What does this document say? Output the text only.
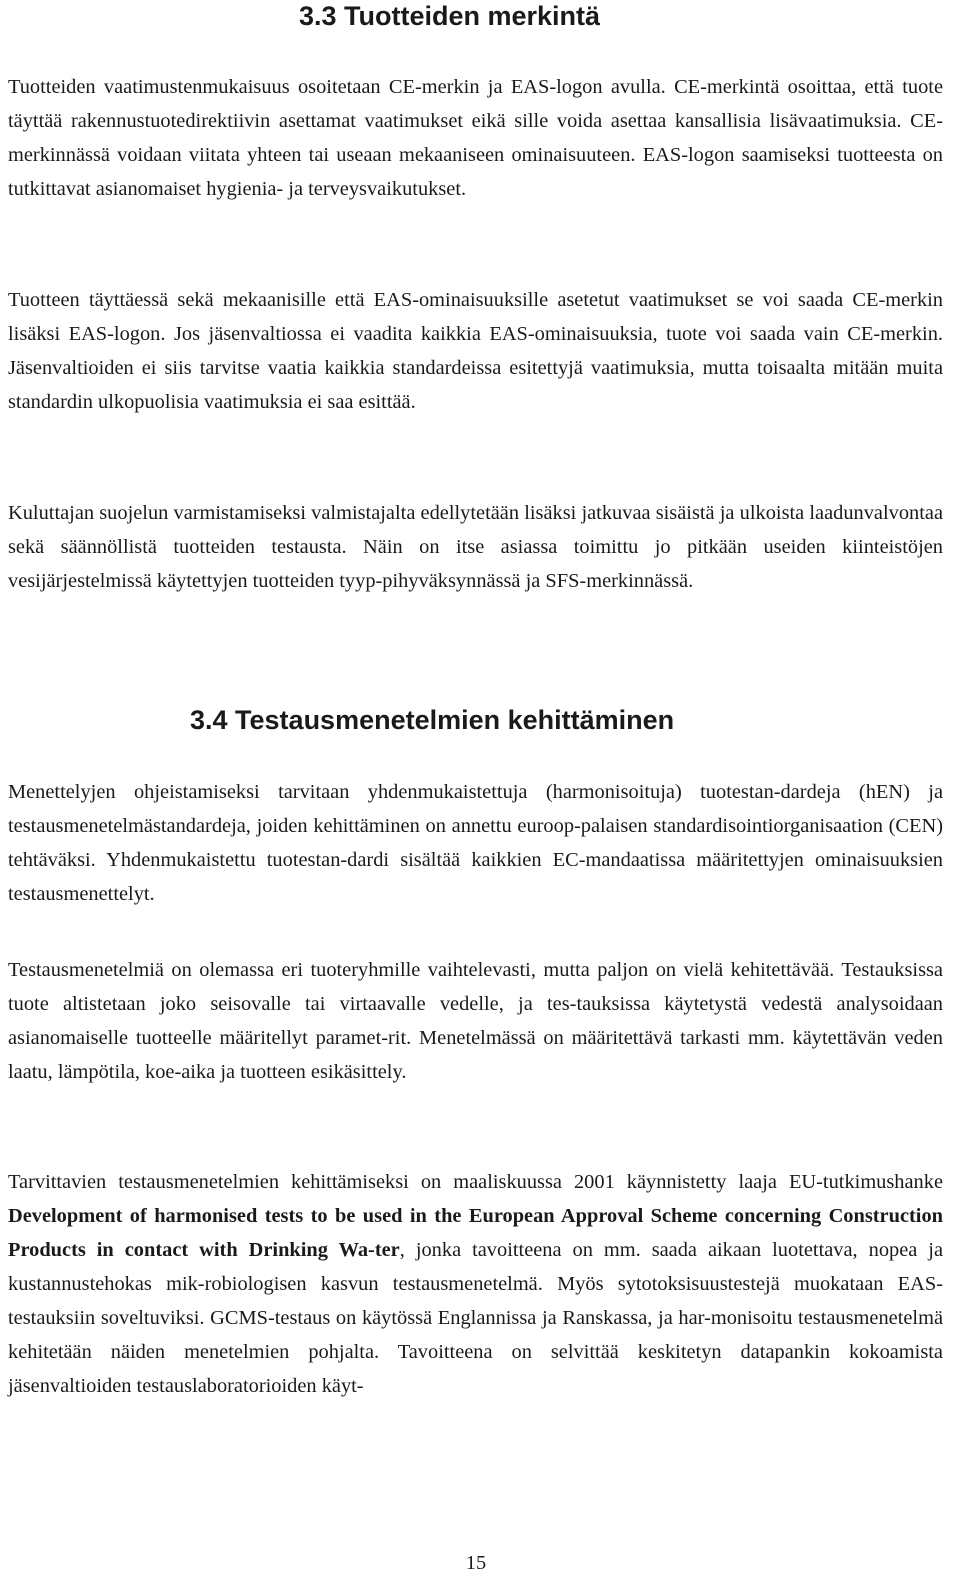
3.3 Tuotteiden merkintä

Tuotteiden vaatimustenmukaisuus osoitetaan CE-merkin ja EAS-logon avulla. CE-merkintä osoittaa, että tuote täyttää rakennustuotedirektiivin asettamat vaatimukset eikä sille voida asettaa kansallisia lisävaatimuksia. CE-merkinnässä voidaan viitata yhteen tai useaan mekaaniseen ominaisuuteen. EAS-logon saamiseksi tuotteesta on tutkittavat asianomaiset hygienia- ja terveysvaikutukset.

Tuotteen täyttäessä sekä mekaanisille että EAS-ominaisuuksille asetetut vaatimukset se voi saada CE-merkin lisäksi EAS-logon. Jos jäsenvaltiossa ei vaadita kaikkia EAS-ominaisuuksia, tuote voi saada vain CE-merkin. Jäsenvaltioiden ei siis tarvitse vaatia kaikkia standardeissa esitettyjä vaatimuksia, mutta toisaalta mitään muita standardin ulkopuolisia vaatimuksia ei saa esittää.

Kuluttajan suojelun varmistamiseksi valmistajalta edellytetään lisäksi jatkuvaa sisäistä ja ulkoista laadunvalvontaa sekä säännöllistä tuotteiden testausta. Näin on itse asiassa toimittu jo pitkään useiden kiinteistöjen vesijärjestelmissä käytettyjen tuotteiden tyyp-pihyväksynnässä ja SFS-merkinnässä.

3.4 Testausmenetelmien kehittäminen

Menettelyjen ohjeistamiseksi tarvitaan yhdenmukaistettuja (harmonisoituja) tuotestan-dardeja (hEN) ja testausmenetelmästandardeja, joiden kehittäminen on annettu euroop-palaisen standardisointiorganisaation (CEN) tehtäväksi. Yhdenmukaistettu tuotestan-dardi sisältää kaikkien EC-mandaatissa määritettyjen ominaisuuksien testausmenettelyt.

Testausmenetelmiä on olemassa eri tuoteryhmille vaihtelevasti, mutta paljon on vielä kehitettävää. Testauksissa tuote altistetaan joko seisovalle tai virtaavalle vedelle, ja tes-tauksissa käytetystä vedestä analysoidaan asianomaiselle tuotteelle määritellyt paramet-rit. Menetelmässä on määritettävä tarkasti mm. käytettävän veden laatu, lämpötila, koe-aika ja tuotteen esikäsittely.

Tarvittavien testausmenetelmien kehittämiseksi on maaliskuussa 2001 käynnistetty laaja EU-tutkimushanke Development of harmonised tests to be used in the European Approval Scheme concerning Construction Products in contact with Drinking Wa-ter, jonka tavoitteena on mm. saada aikaan luotettava, nopea ja kustannustehokas mik-robiologisen kasvun testausmenetelmä. Myös sytotoksisuustestejä muokataan EAS-testauksiin soveltuviksi. GCMS-testaus on käytössä Englannissa ja Ranskassa, ja har-monisoitu testausmenetelmä kehitetään näiden menetelmien pohjalta. Tavoitteena on selvittää keskitetyn datapankin kokoamista jäsenvaltioiden testauslaboratorioiden käyt-

15
